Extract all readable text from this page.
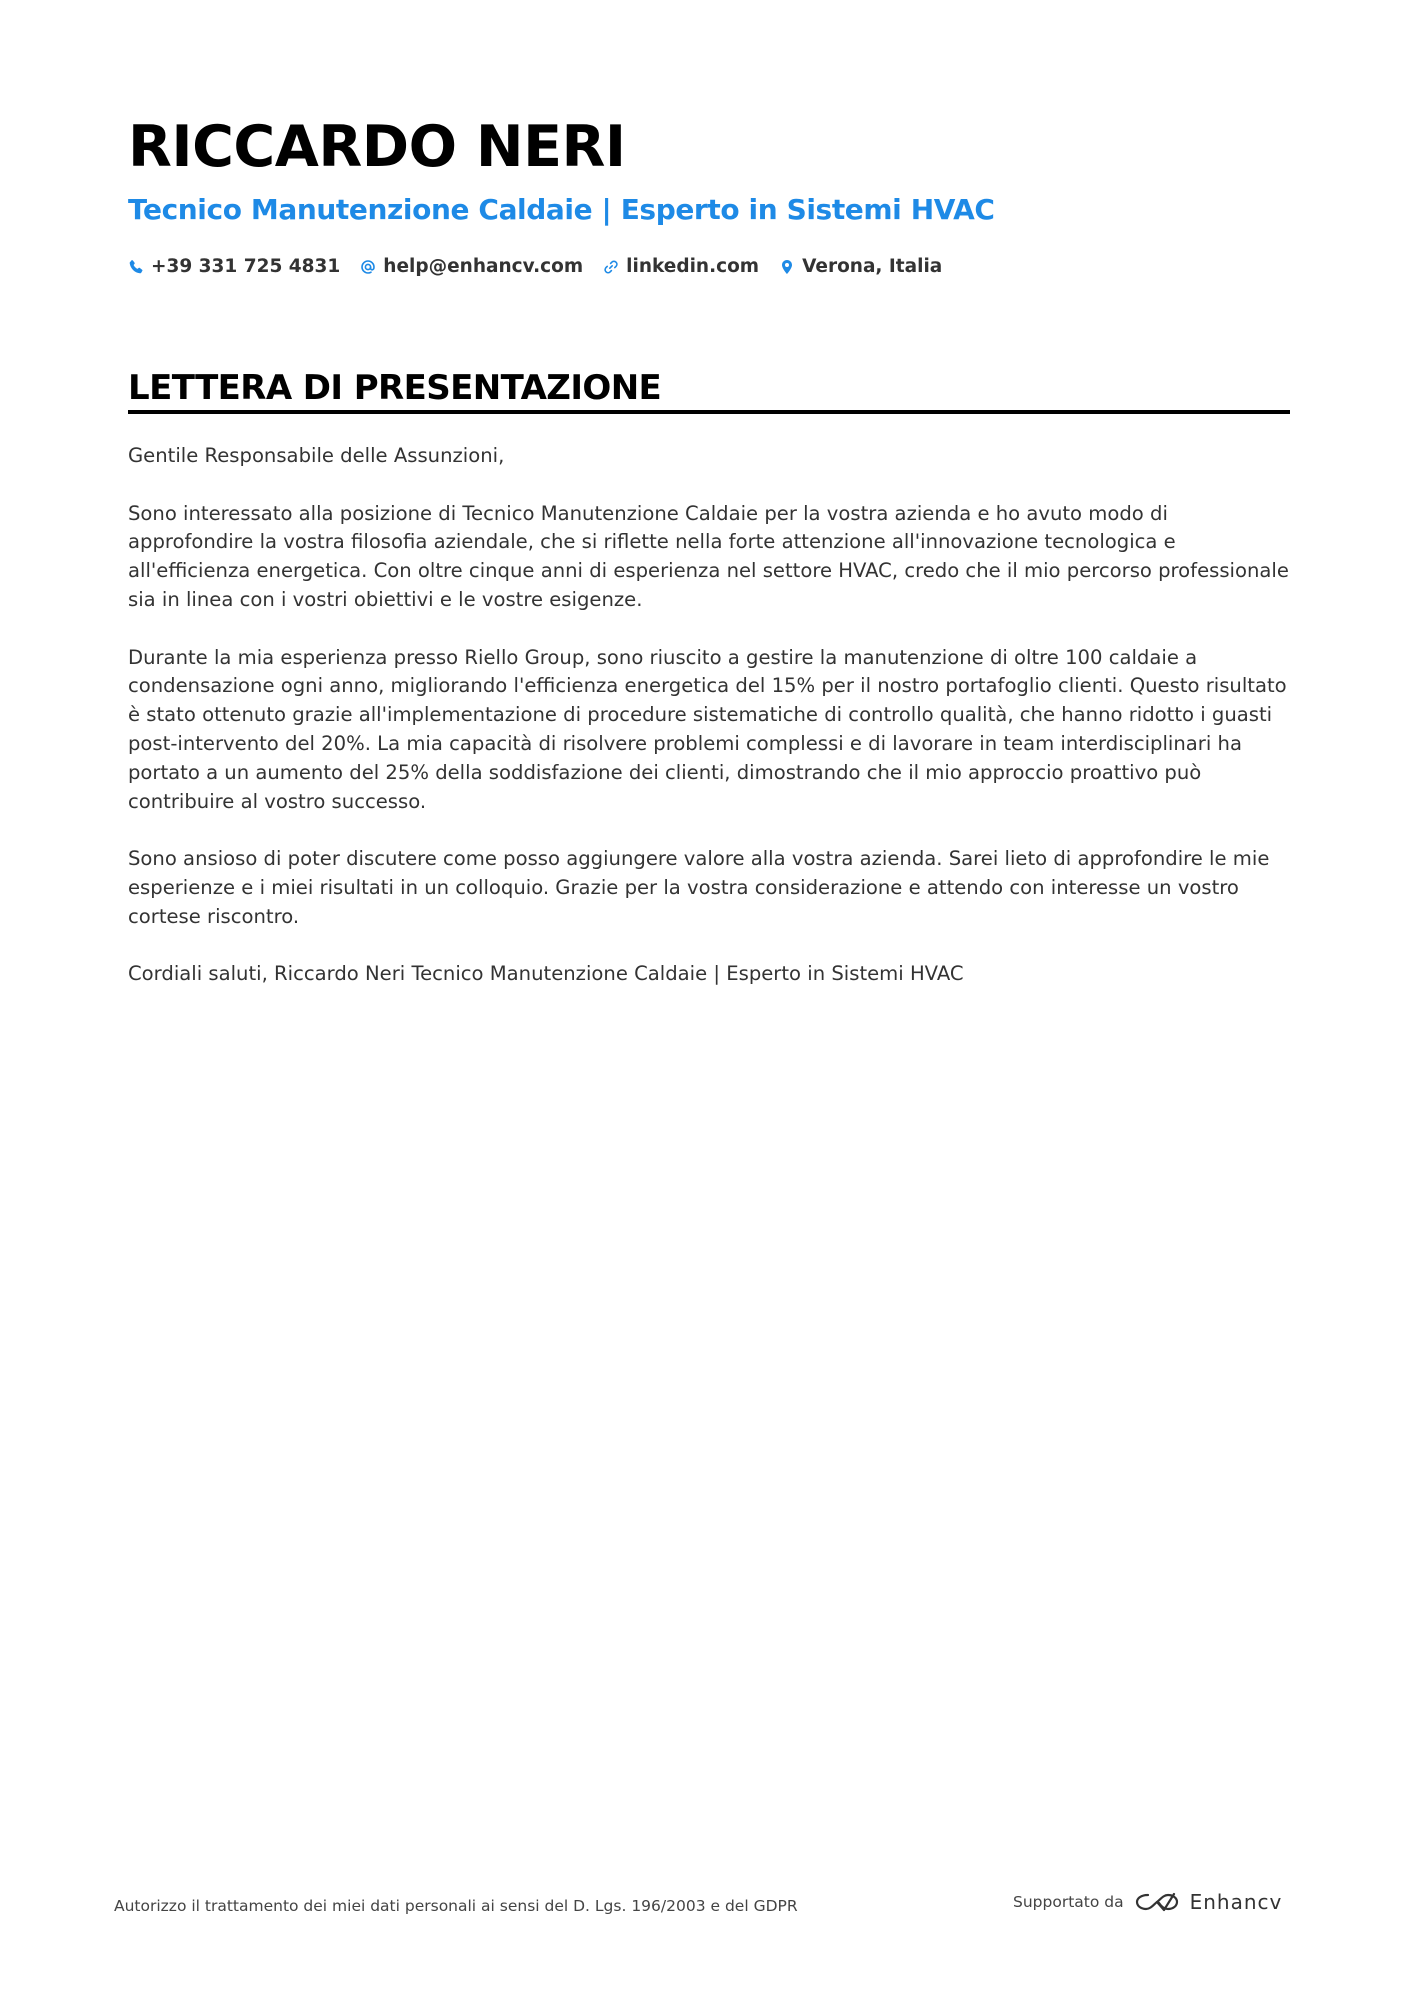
RICCARDO NERI
Tecnico Manutenzione Caldaie | Esperto in Sistemi HVAC
+39 331 725 4831 help@enhancv.com linkedin.com Verona, Italia
LETTERA DI PRESENTAZIONE

Gentile Responsabile delle Assunzioni,

Sono interessato alla posizione di Tecnico Manutenzione Caldaie per la vostra azienda e ho avuto modo di approfondire la vostra filosofia aziendale, che si riflette nella forte attenzione all'innovazione tecnologica e all'efficienza energetica. Con oltre cinque anni di esperienza nel settore HVAC, credo che il mio percorso professionale sia in linea con i vostri obiettivi e le vostre esigenze.

Durante la mia esperienza presso Riello Group, sono riuscito a gestire la manutenzione di oltre 100 caldaie a condensazione ogni anno, migliorando l'efficienza energetica del 15% per il nostro portafoglio clienti. Questo risultato è stato ottenuto grazie all'implementazione di procedure sistematiche di controllo qualità, che hanno ridotto i guasti post-intervento del 20%. La mia capacità di risolvere problemi complessi e di lavorare in team interdisciplinari ha portato a un aumento del 25% della soddisfazione dei clienti, dimostrando che il mio approccio proattivo può contribuire al vostro successo.

Sono ansioso di poter discutere come posso aggiungere valore alla vostra azienda. Sarei lieto di approfondire le mie esperienze e i miei risultati in un colloquio. Grazie per la vostra considerazione e attendo con interesse un vostro cortese riscontro.

Cordiali saluti, Riccardo Neri Tecnico Manutenzione Caldaie | Esperto in Sistemi HVAC

Autorizzo il trattamento dei miei dati personali ai sensi del D. Lgs. 196/2003 e del GDPR	Supportato da	Enhancv
